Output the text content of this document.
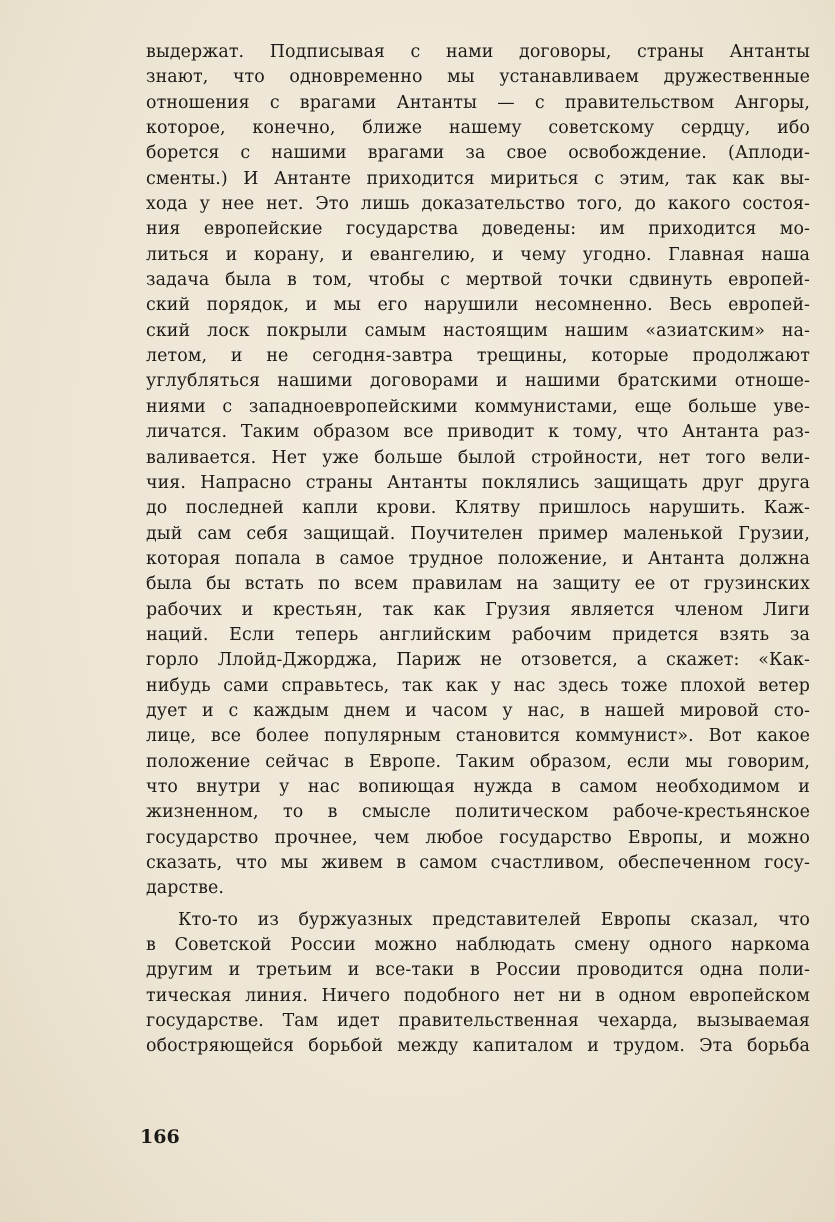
выдержат. Подписывая с нами договоры, страны Антанты
знают, что одновременно мы устанавливаем дружественные
отношения с врагами Антанты — с правительством Ангоры,
которое, конечно, ближе нашему советскому сердцу, ибо
борется с нашими врагами за свое освобождение. (Аплоди-
сменты.) И Антанте приходится мириться с этим, так как вы-
хода у нее нет. Это лишь доказательство того, до какого состоя-
ния европейские государства доведены: им приходится мо-
литься и корану, и евангелию, и чему угодно. Главная наша
задача была в том, чтобы с мертвой точки сдвинуть европей-
ский порядок, и мы его нарушили несомненно. Весь европей-
ский лоск покрыли самым настоящим нашим «азиатским» на-
летом, и не сегодня-завтра трещины, которые продолжают
углубляться нашими договорами и нашими братскими отноше-
ниями с западноевропейскими коммунистами, еще больше уве-
личатся. Таким образом все приводит к тому, что Антанта раз-
валивается. Нет уже больше былой стройности, нет того вели-
чия. Напрасно страны Антанты поклялись защищать друг друга
до последней капли крови. Клятву пришлось нарушить. Каж-
дый сам себя защищай. Поучителен пример маленькой Грузии,
которая попала в самое трудное положение, и Антанта должна
была бы встать по всем правилам на защиту ее от грузинских
рабочих и крестьян, так как Грузия является членом Лиги
наций. Если теперь английским рабочим придется взять за
горло Ллойд-Джорджа, Париж не отзовется, а скажет: «Как-
нибудь сами справьтесь, так как у нас здесь тоже плохой ветер
дует и с каждым днем и часом у нас, в нашей мировой сто-
лице, все более популярным становится коммунист». Вот какое
положение сейчас в Европе. Таким образом, если мы говорим,
что внутри у нас вопиющая нужда в самом необходимом и
жизненном, то в смысле политическом рабоче-крестьянское
государство прочнее, чем любое государство Европы, и можно
сказать, что мы живем в самом счастливом, обеспеченном госу-
дарстве.
Кто-то из буржуазных представителей Европы сказал, что
в Советской России можно наблюдать смену одного наркома
другим и третьим и все-таки в России проводится одна поли-
тическая линия. Ничего подобного нет ни в одном европейском
государстве. Там идет правительственная чехарда, вызываемая
обостряющейся борьбой между капиталом и трудом. Эта борьба
166
